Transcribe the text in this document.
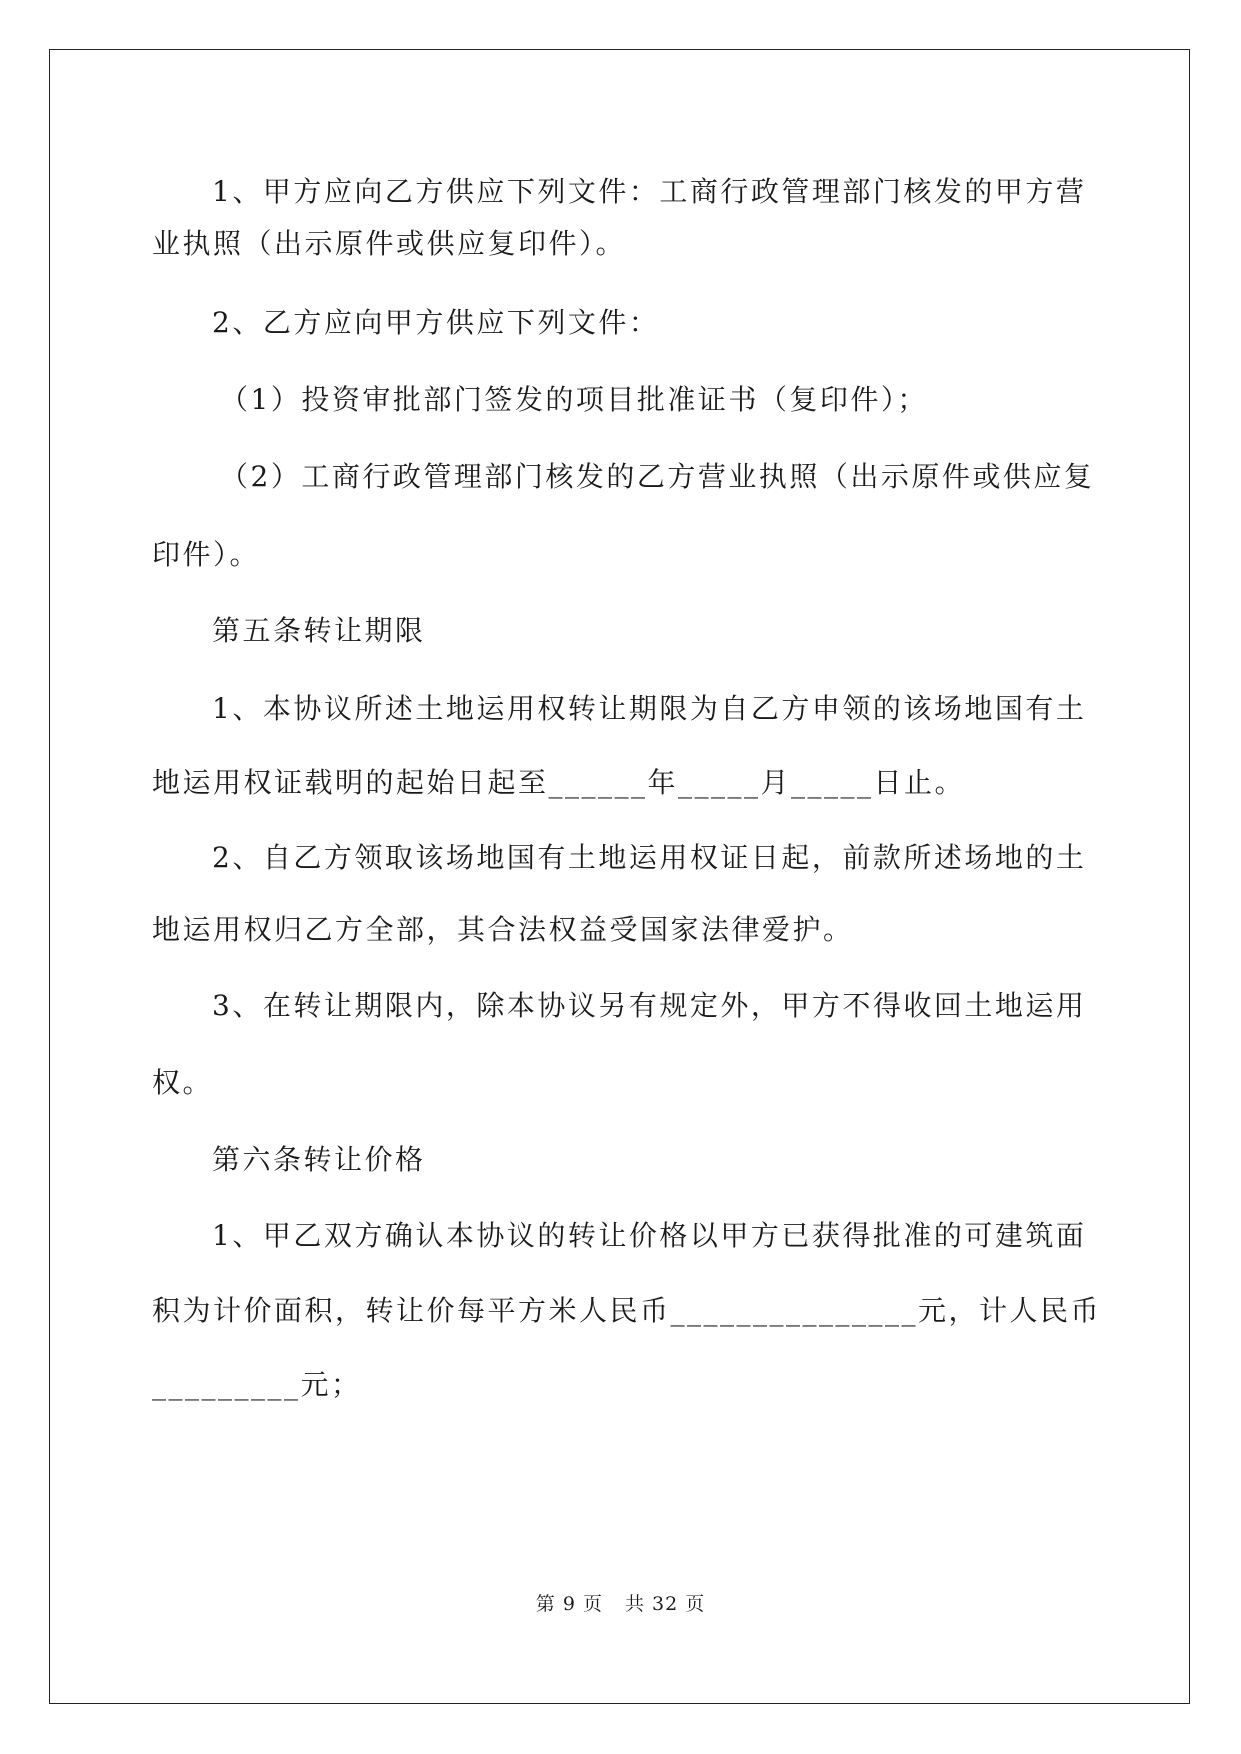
1、甲方应向乙方供应下列文件：工商行政管理部门核发的甲方营
业执照（出示原件或供应复印件）。
2、乙方应向甲方供应下列文件：
（1）投资审批部门签发的项目批准证书（复印件）；
（2）工商行政管理部门核发的乙方营业执照（出示原件或供应复
印件）。
第五条转让期限
1、本协议所述土地运用权转让期限为自乙方申领的该场地国有土
地运用权证载明的起始日起至______年_____月_____日止。
2、自乙方领取该场地国有土地运用权证日起，前款所述场地的土
地运用权归乙方全部，其合法权益受国家法律爱护。
3、在转让期限内，除本协议另有规定外，甲方不得收回土地运用
权。
第六条转让价格
1、甲乙双方确认本协议的转让价格以甲方已获得批准的可建筑面
积为计价面积，转让价每平方米人民币_______________元，计人民币
_________元；
第 9 页 共 32 页
